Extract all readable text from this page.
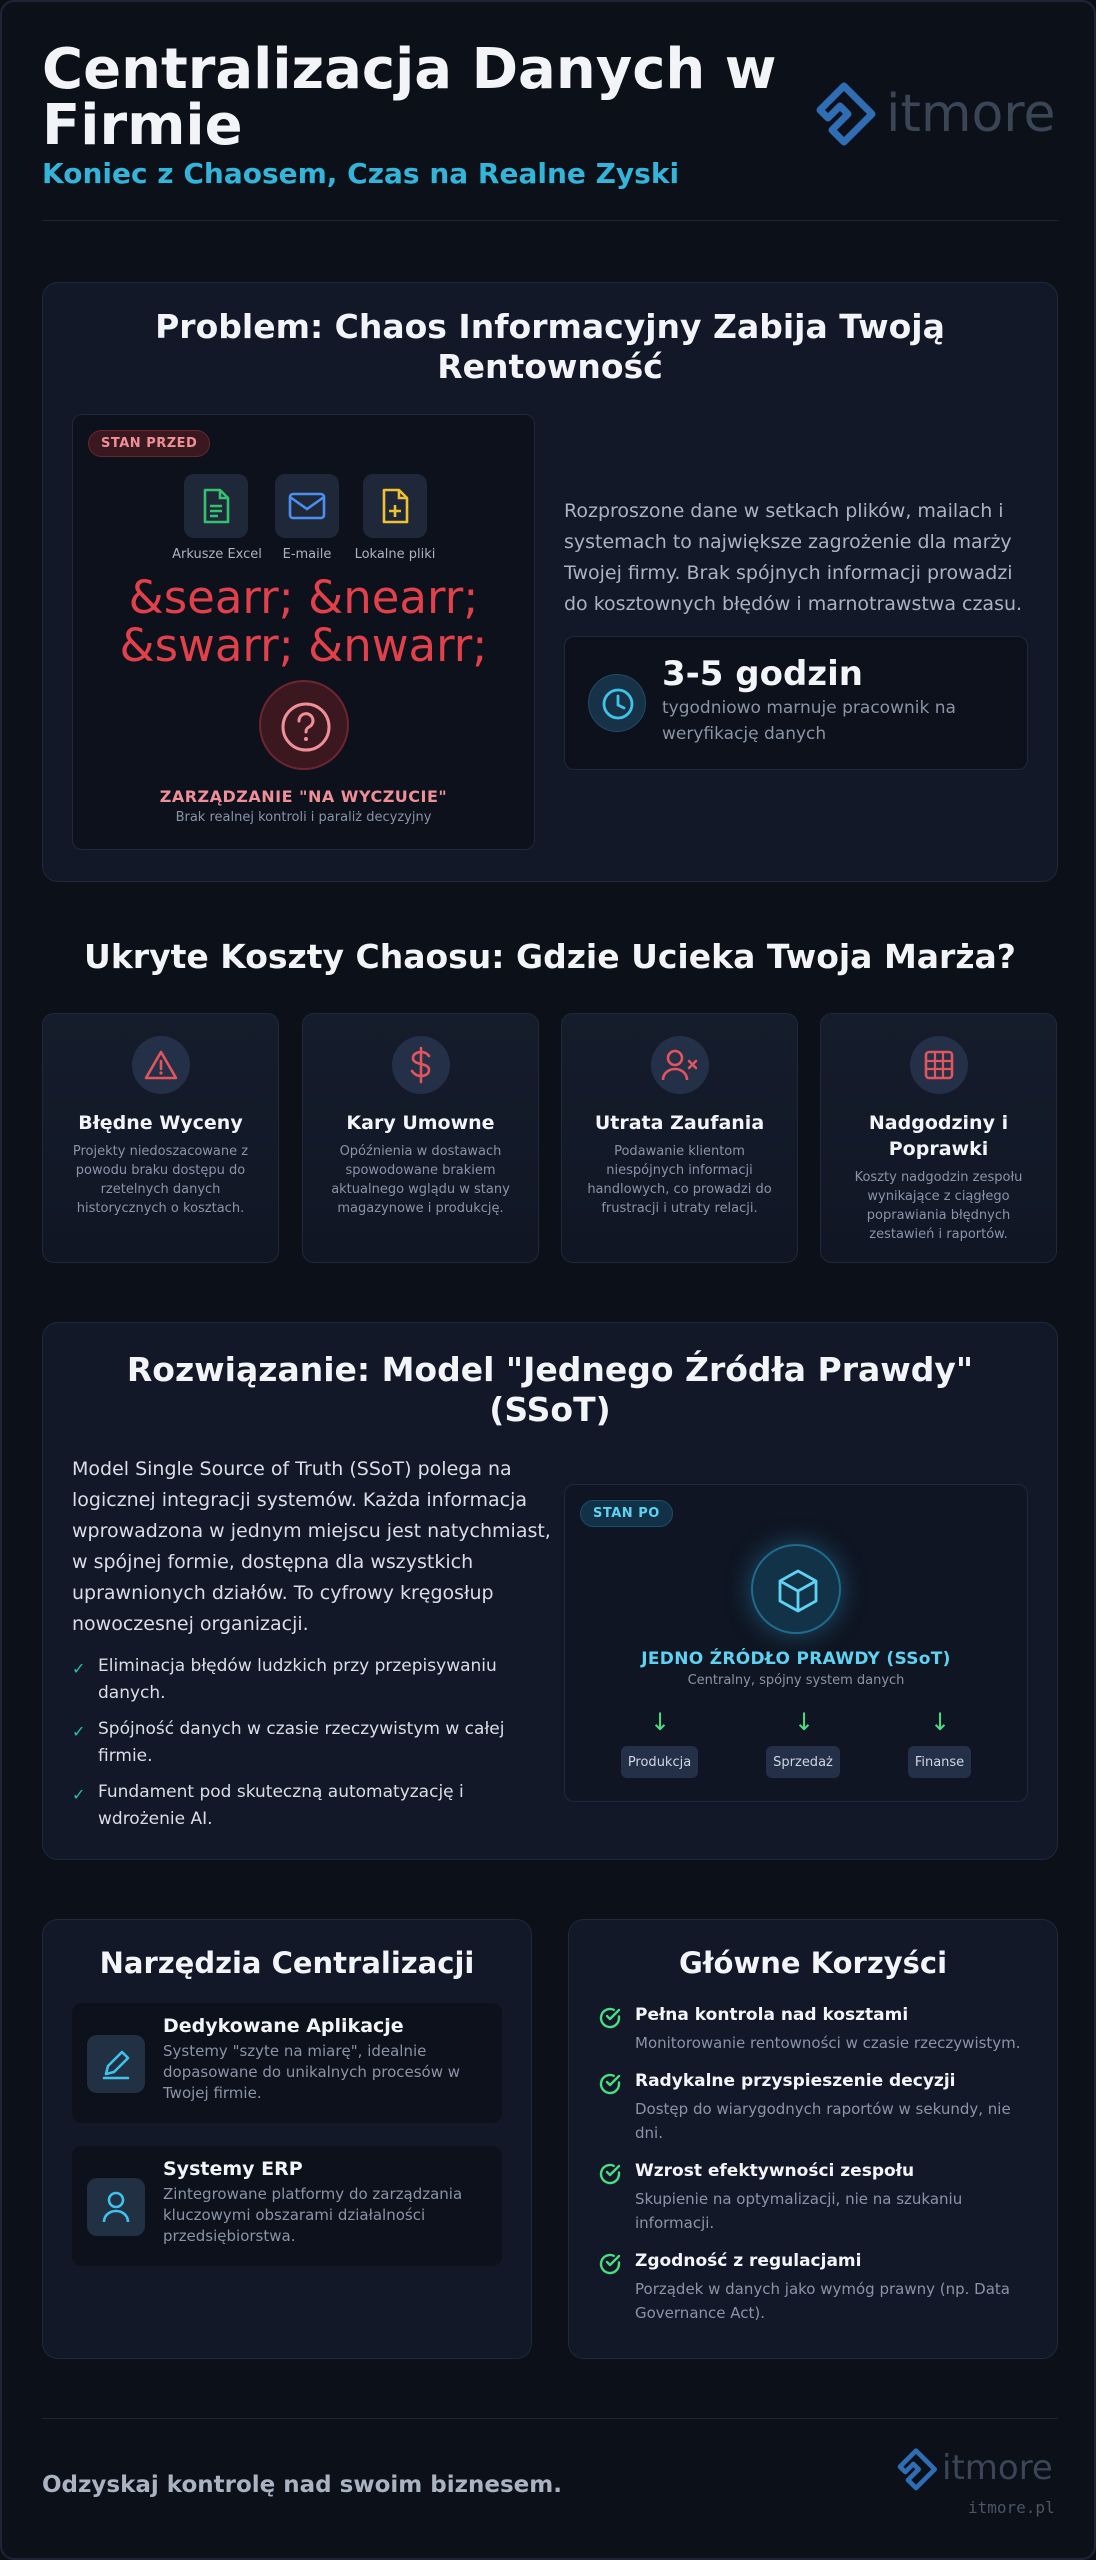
Centralizacja Danych w
Firmie
Koniec z Chaosem, Czas na Realne Zyski
itmore
Problem: Chaos Informacyjny Zabija Twoją
Rentowność
STAN PRZED
Arkusze Excel	E-maile	Lokalne pliki
&searr; &nearr;
&swarr; &nwarr;
ZARZĄDZANIE "NA WYCZUCIE"
Brak realnej kontroli i paraliż decyzyjny
Rozproszone dane w setkach plików, mailach i systemach to największe zagrożenie dla marży Twojej firmy. Brak spójnych informacji prowadzi do kosztownych błędów i marnotrawstwa czasu.
3-5 godzin
tygodniowo marnuje pracownik na
weryfikację danych
Ukryte Koszty Chaosu: Gdzie Ucieka Twoja Marża?
Błędne Wyceny
Projekty niedoszacowane z
powodu braku dostępu do
rzetelnych danych
historycznych o kosztach.
Kary Umowne
Opóźnienia w dostawach
spowodowane brakiem
aktualnego wglądu w stany
magazynowe i produkcję.
Utrata Zaufania
Podawanie klientom
niespójnych informacji
handlowych, co prowadzi do
frustracji i utraty relacji.
Nadgodziny i
Poprawki
Koszty nadgodzin zespołu
wynikające z ciągłego
poprawiania błędnych
zestawień i raportów.
Rozwiązanie: Model "Jednego Źródła Prawdy"
(SSoT)
Model Single Source of Truth (SSoT) polega na
logicznej integracji systemów. Każda informacja
wprowadzona w jednym miejscu jest natychmiast,
w spójnej formie, dostępna dla wszystkich
uprawnionych działów. To cyfrowy kręgosłup
nowoczesnej organizacji.
✓ Eliminacja błędów ludzkich przy przepisywaniu
danych.
✓ Spójność danych w czasie rzeczywistym w całej
firmie.
✓ Fundament pod skuteczną automatyzację i
wdrożenie AI.
STAN PO
JEDNO ŹRÓDŁO PRAWDY (SSoT)
Centralny, spójny system danych
↓	↓	↓
Produkcja	Sprzedaż	Finanse
Narzędzia Centralizacji
Dedykowane Aplikacje
Systemy "szyte na miarę", idealnie
dopasowane do unikalnych procesów w
Twojej firmie.
Systemy ERP
Zintegrowane platformy do zarządzania
kluczowymi obszarami działalności
przedsiębiorstwa.
Główne Korzyści
Pełna kontrola nad kosztami
Monitorowanie rentowności w czasie rzeczywistym.
Radykalne przyspieszenie decyzji
Dostęp do wiarygodnych raportów w sekundy, nie
dni.
Wzrost efektywności zespołu
Skupienie na optymalizacji, nie na szukaniu
informacji.
Zgodność z regulacjami
Porządek w danych jako wymóg prawny (np. Data
Governance Act).
Odzyskaj kontrolę nad swoim biznesem.	itmore
itmore.pl
